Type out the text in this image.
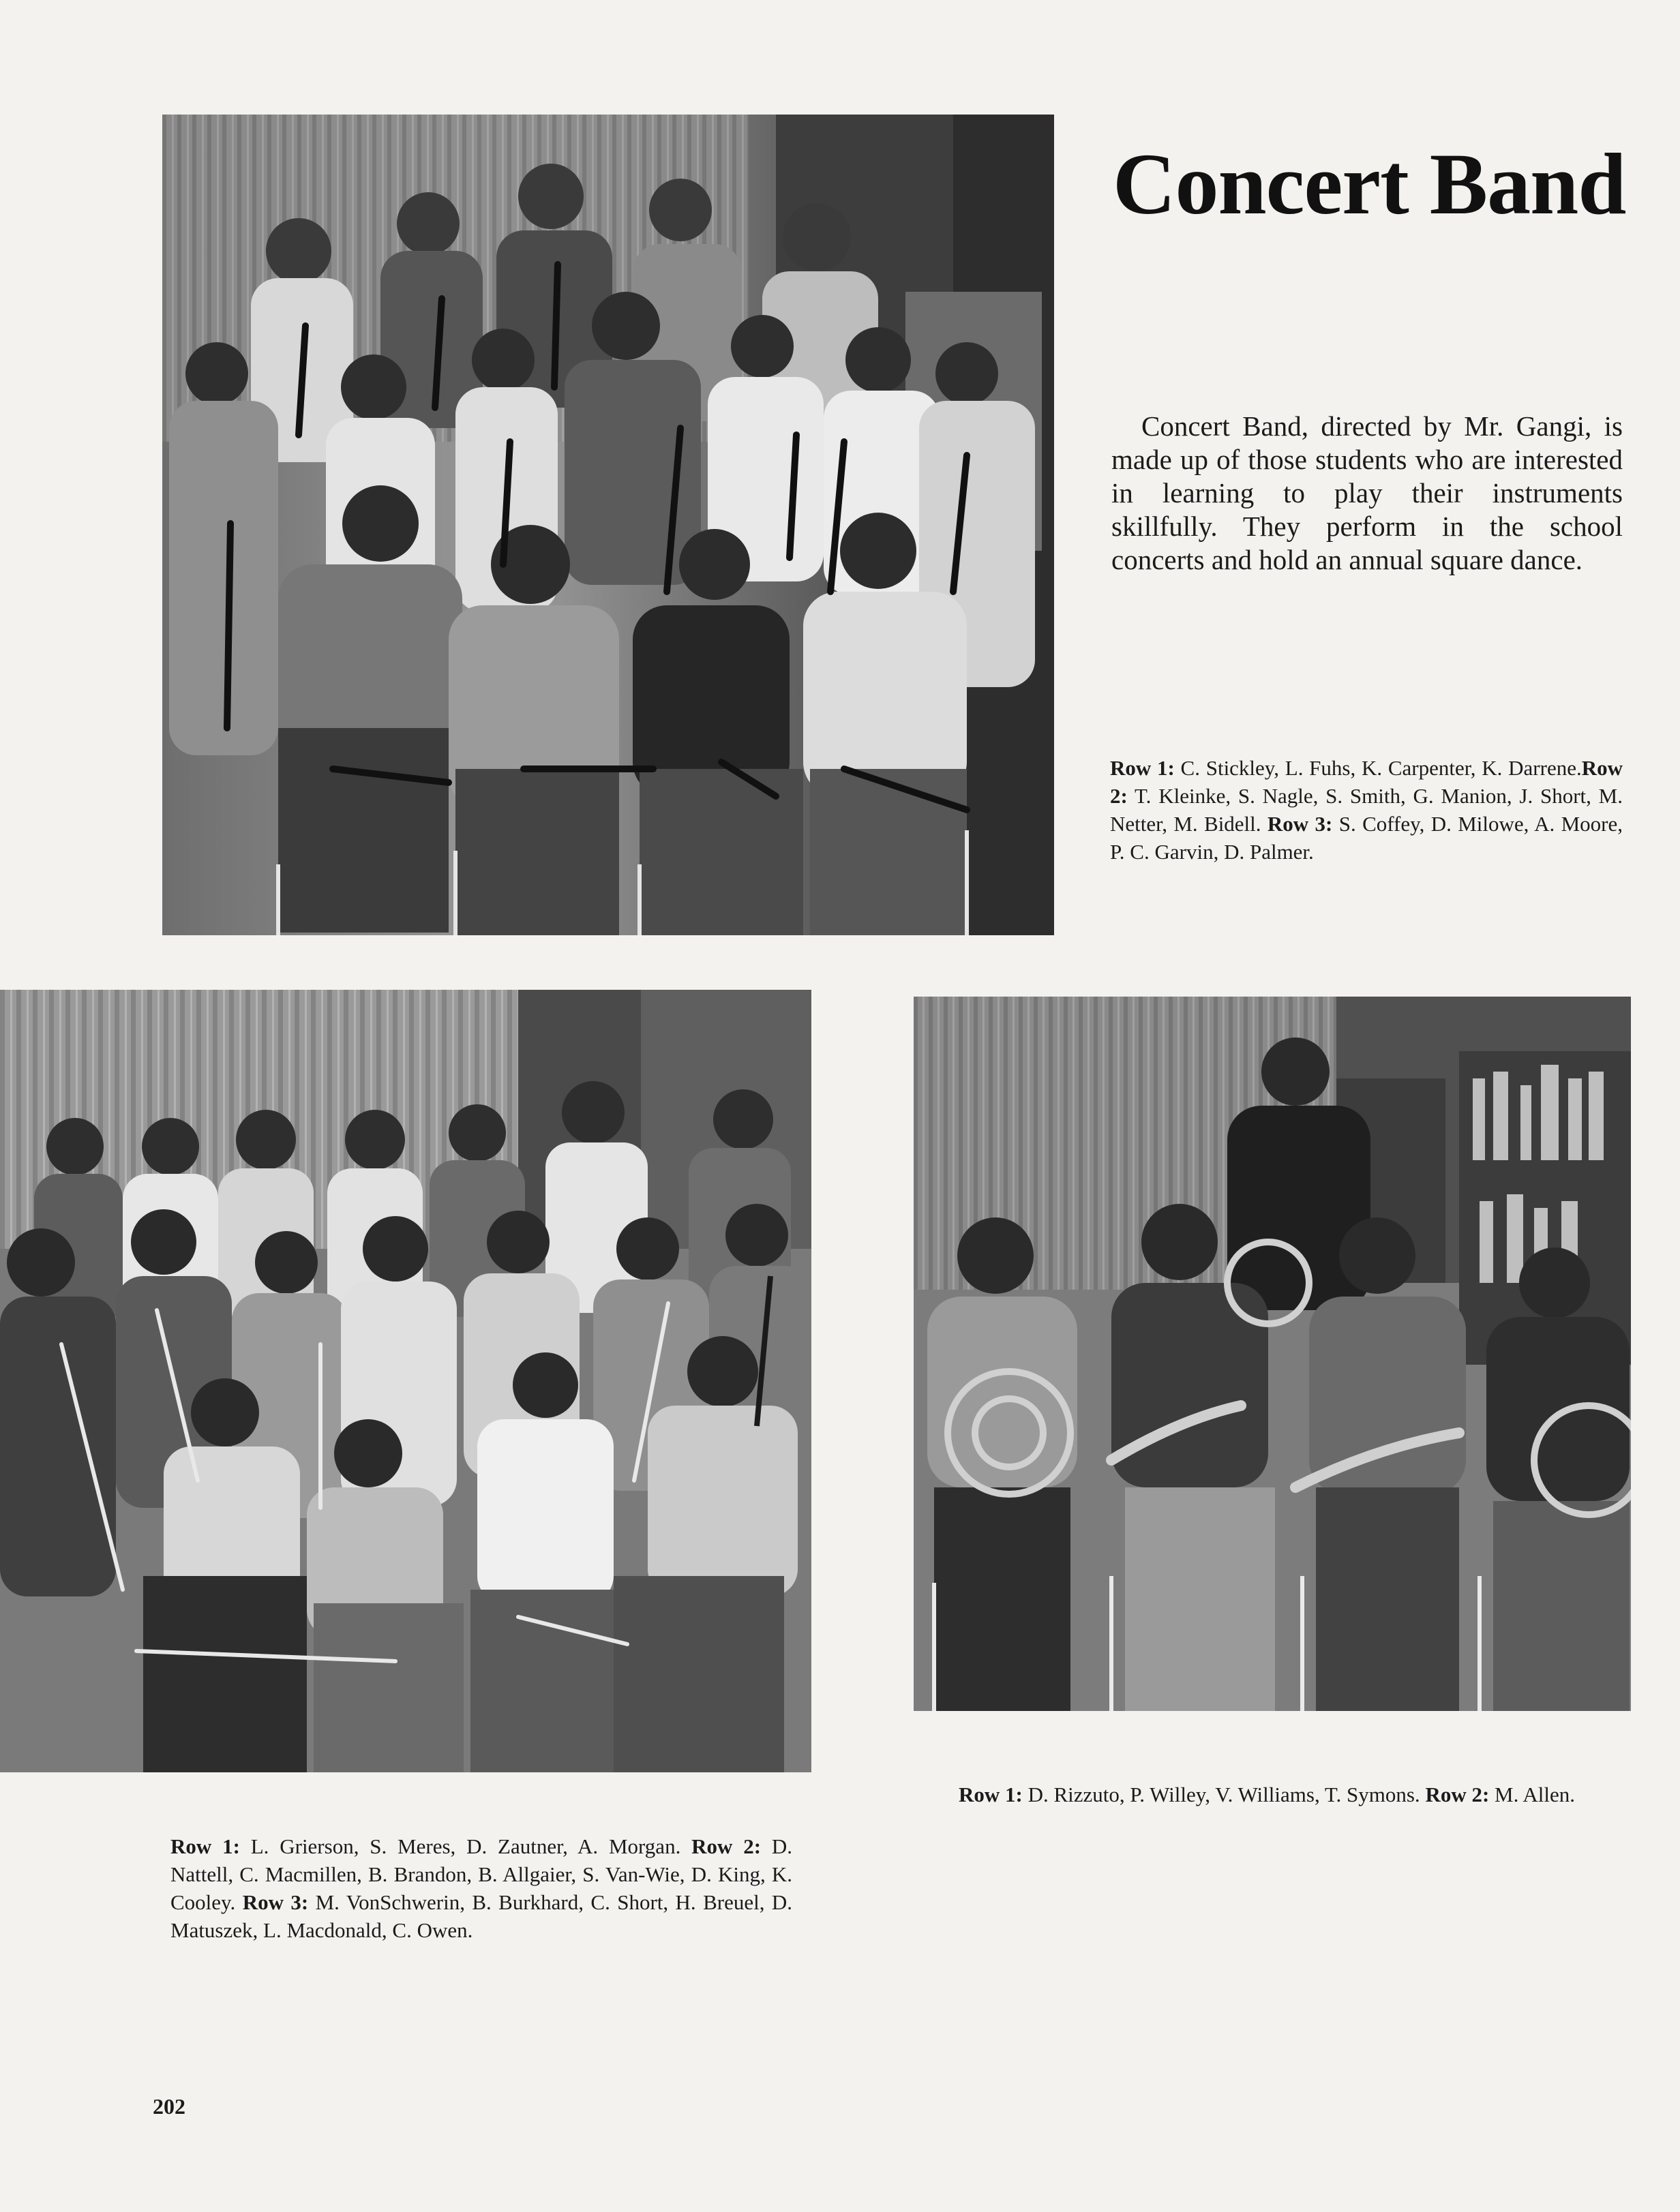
Concert Band

Concert Band, directed by Mr. Gangi, is made up of those students who are interested in learning to play their instruments skillfully. They perform in the school concerts and hold an annual square dance.

Row 1: C. Stickley, L. Fuhs, K. Carpenter, K. Darrene.Row 2: T. Kleinke, S. Nagle, S. Smith, G. Manion, J. Short, M. Netter, M. Bidell. Row 3: S. Coffey, D. Milowe, A. Moore, P. C. Garvin, D. Palmer.
Row 1: L. Grierson, S. Meres, D. Zautner, A. Morgan. Row 2: D. Nattell, C. Macmillen, B. Brandon, B. Allgaier, S. Van-Wie, D. King, K. Cooley. Row 3: M. VonSchwerin, B. Burkhard, C. Short, H. Breuel, D. Matuszek, L. Macdonald, C. Owen.
Row 1: D. Rizzuto, P. Willey, V. Williams, T. Symons. Row 2: M. Allen.
202
